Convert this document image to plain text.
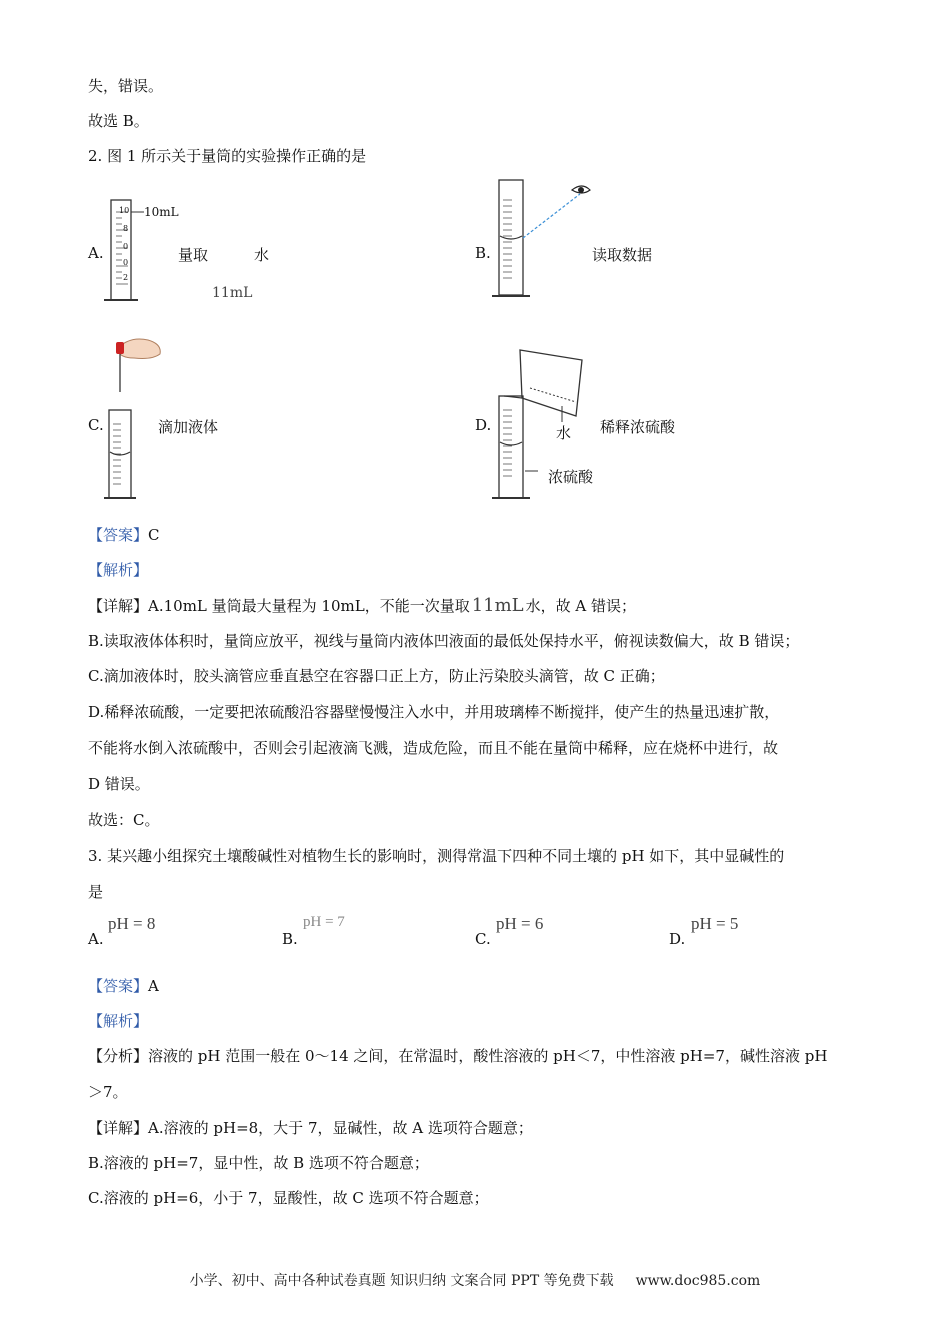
失，错误。
故选 B。
2. 图 1 所示关于量筒的实验操作正确的是
A.
10
8
0
0
2
10mL
量取	水
11mL
B.	读取数据
C.	滴加液体	D.	水 稀释浓硫酸
浓硫酸
【答案】C
【解析】
【详解】A.10mL 量筒最大量程为 10mL，不能一次量取 11mL 水，故 A 错误；
B.读取液体体积时，量筒应放平，视线与量筒内液体凹液面的最低处保持水平，俯视读数偏大，故 B 错误；
C.滴加液体时，胶头滴管应垂直悬空在容器口正上方，防止污染胶头滴管，故 C 正确；
D.稀释浓硫酸，一定要把浓硫酸沿容器壁慢慢注入水中，并用玻璃棒不断搅拌，使产生的热量迅速扩散，
不能将水倒入浓硫酸中，否则会引起液滴飞溅，造成危险，而且不能在量筒中稀释，应在烧杯中进行，故
D 错误。
故选：C。
3. 某兴趣小组探究土壤酸碱性对植物生长的影响时，测得常温下四种不同土壤的 pH 如下，其中显碱性的
是
A.
pH = 8
B.
pH = 7
C.
pH = 6
D.
pH = 5
【答案】A
【解析】
【分析】溶液的 pH 范围一般在 0～14 之间，在常温时，酸性溶液的 pH＜7，中性溶液 pH=7，碱性溶液 pH
＞7。
【详解】A.溶液的 pH=8，大于 7，显碱性，故 A 选项符合题意；
B.溶液的 pH=7，显中性，故 B 选项不符合题意；
C.溶液的 pH=6，小于 7，显酸性，故 C 选项不符合题意；
小学、初中、高中各种试卷真题 知识归纳 文案合同 PPT 等免费下载 www.doc985.com
